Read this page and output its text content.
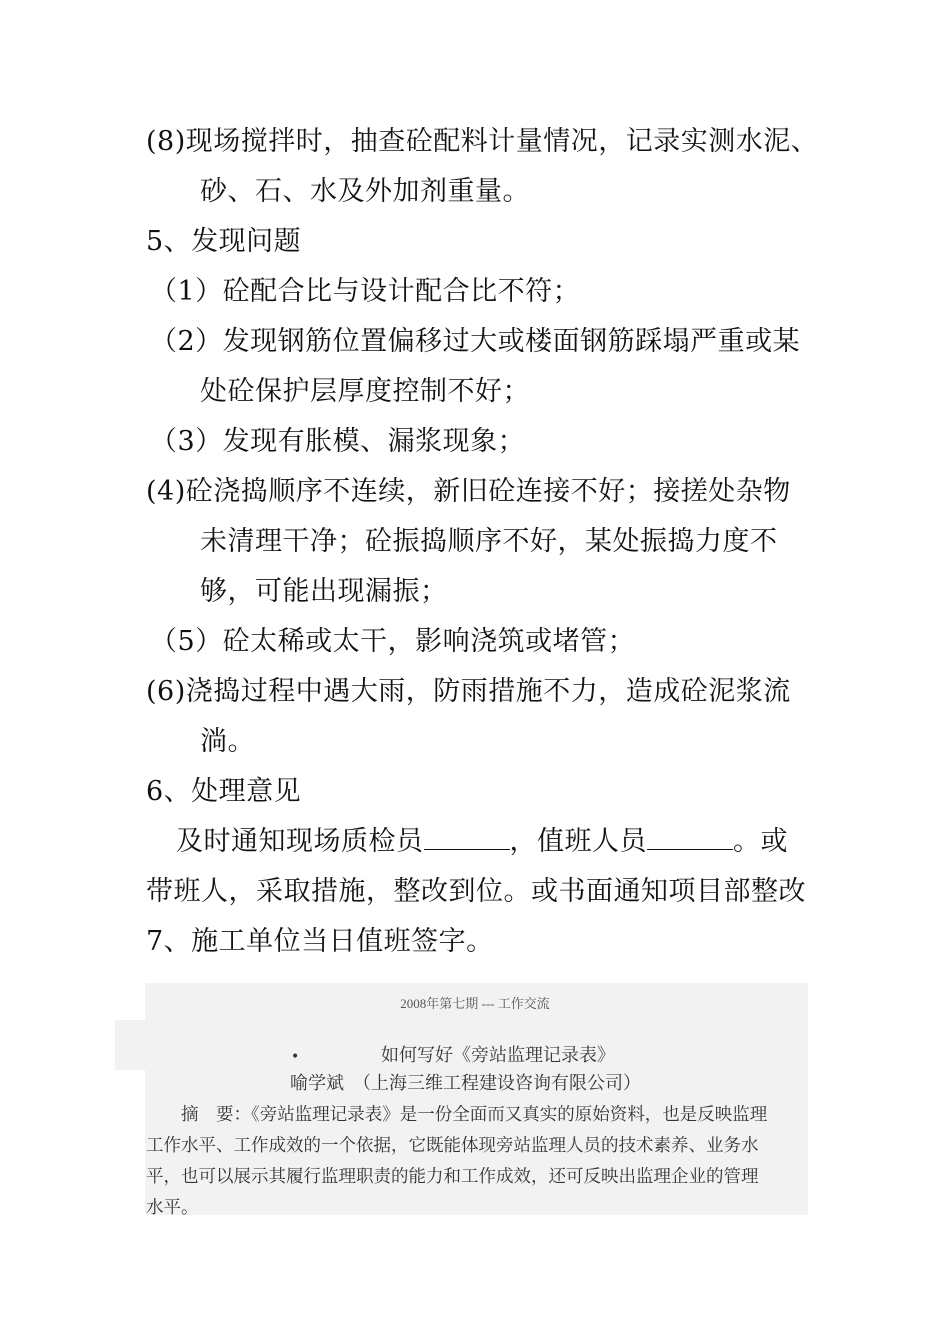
(8)现场搅拌时，抽查砼配料计量情况，记录实测水泥、
砂、石、水及外加剂重量。
5、发现问题
（1）砼配合比与设计配合比不符；
（2）发现钢筋位置偏移过大或楼面钢筋踩塌严重或某
处砼保护层厚度控制不好；
（3）发现有胀模、漏浆现象；
(4)砼浇捣顺序不连续，新旧砼连接不好；接搓处杂物
未清理干净；砼振捣顺序不好，某处振捣力度不
够，可能出现漏振；
（5）砼太稀或太干，影响浇筑或堵管；
(6)浇捣过程中遇大雨，防雨措施不力，造成砼泥浆流
淌。
6、处理意见
及时通知现场质检员	，值班人员	。或
带班人，采取措施，整改到位。或书面通知项目部整改
7、施工单位当日值班签字。
2008年第七期 --- 工作交流
•	如何写好《旁站监理记录表》
喻学斌　（上海三维工程建设咨询有限公司）
　　摘　要：《旁站监理记录表》是一份全面而又真实的原始资料，也是反映监理
工作水平、工作成效的一个依据，它既能体现旁站监理人员的技术素养、业务水
平，也可以展示其履行监理职责的能力和工作成效，还可反映出监理企业的管理
水平。
